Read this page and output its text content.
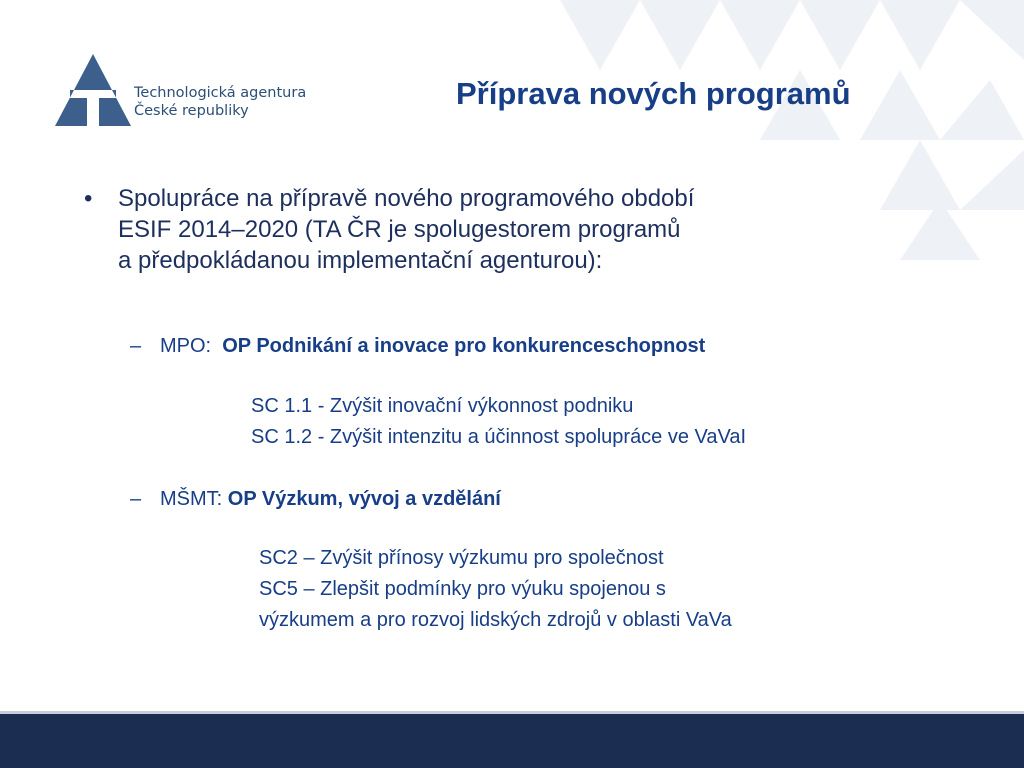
Technologická agentura
České republiky	Příprava nových programů
• Spolupráce na přípravě nového programového období
ESIF 2014–2020 (TA ČR je spolugestorem programů
a předpokládanou implementační agenturou):
– MPO: OP Podnikání a inovace pro konkurenceschopnost
SC 1.1 - Zvýšit inovační výkonnost podniku
SC 1.2 - Zvýšit intenzitu a účinnost spolupráce ve VaVaI
– MŠMT: OP Výzkum, vývoj a vzdělání
SC2 – Zvýšit přínosy výzkumu pro společnost
SC5 – Zlepšit podmínky pro výuku spojenou s
výzkumem a pro rozvoj lidských zdrojů v oblasti VaVa
